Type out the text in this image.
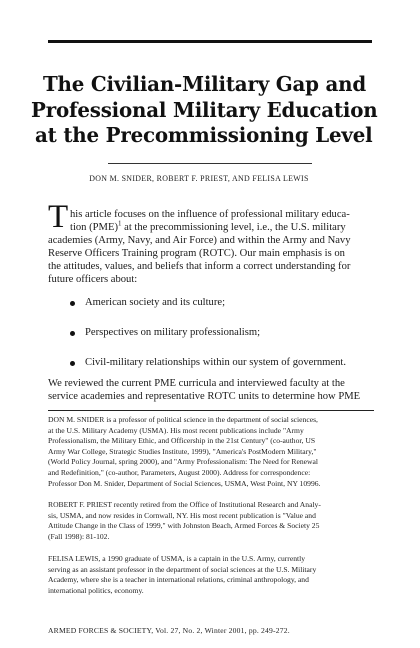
The Civilian-Military Gap and Professional Military Education at the Precommissioning Level
DON M. SNIDER, ROBERT F. PRIEST, AND FELISA LEWIS
T his article focuses on the influence of professional military educa-
tion (PME)$^1$ at the precommissioning level, i.e., the U.S. military
academies (Army, Navy, and Air Force) and within the Army and Navy
Reserve Officers Training program (ROTC). Our main emphasis is on
the attitudes, values, and beliefs that inform a correct understanding for
future officers about:
American society and its culture;
Perspectives on military professionalism;
Civil-military relationships within our system of government.
We reviewed the current PME curricula and interviewed faculty at the
service academies and representative ROTC units to determine how PME
DON M. SNIDER is a professor of political science in the department of social sciences,
at the U.S. Military Academy (USMA). His most recent publications include "Army
Professionalism, the Military Ethic, and Officership in the 21st Century" (co-author, US
Army War College, Strategic Studies Institute, 1999), "America's PostModern Military,"
(World Policy Journal, spring 2000), and "Army Professionalism: The Need for Renewal
and Redefinition," (co-author, Parameters, August 2000). Address for correspondence:
Professor Don M. Snider, Department of Social Sciences, USMA, West Point, NY 10996.
ROBERT F. PRIEST recently retired from the Office of Institutional Research and Analy-
sis, USMA, and now resides in Cornwall, NY. His most recent publication is "Value and
Attitude Change in the Class of 1999," with Johnston Beach, Armed Forces & Society 25
(Fall 1998): 81-102.
FELISA LEWIS, a 1990 graduate of USMA, is a captain in the U.S. Army, currently
serving as an assistant professor in the department of social sciences at the U.S. Military
Academy, where she is a teacher in international relations, criminal anthropology, and
international politics, economy.
ARMED FORCES & SOCIETY, Vol. 27, No. 2, Winter 2001, pp. 249-272.
